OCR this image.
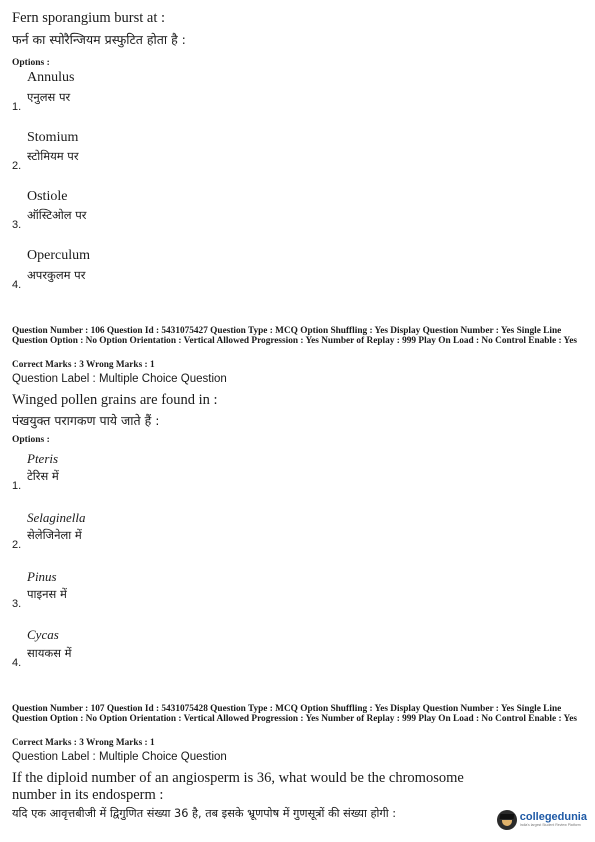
Fern sporangium burst at :
फर्न का स्पोरैन्जियम प्रस्फुटित होता है :
Options :
Annulus
एनुलस पर
1.
Stomium
स्टोमियम पर
2.
Ostiole
ऑस्टिओल पर
3.
Operculum
अपरकुलम पर
4.
Question Number : 106 Question Id : 5431075427 Question Type : MCQ Option Shuffling : Yes Display Question Number : Yes Single Line Question Option : No Option Orientation : Vertical Allowed Progression : Yes Number of Replay : 999 Play On Load : No Control Enable : Yes
Correct Marks : 3 Wrong Marks : 1
Question Label : Multiple Choice Question
Winged pollen grains are found in :
पंखयुक्त परागकण पाये जाते हैं :
Options :
Pteris
टेरिस में
1.
Selaginella
सेलेजिनेला में
2.
Pinus
पाइनस में
3.
Cycas
सायकस में
4.
Question Number : 107 Question Id : 5431075428 Question Type : MCQ Option Shuffling : Yes Display Question Number : Yes Single Line Question Option : No Option Orientation : Vertical Allowed Progression : Yes Number of Replay : 999 Play On Load : No Control Enable : Yes
Correct Marks : 3 Wrong Marks : 1
Question Label : Multiple Choice Question
If the diploid number of an angiosperm is 36, what would be the chromosome
number in its endosperm :
यदि एक आवृत्तबीजी में द्विगुणित संख्या 36 है, तब इसके भ्रूणपोष में गुणसूत्रों की संख्या होगी :	collegedunia
India's largest Student Review Platform
